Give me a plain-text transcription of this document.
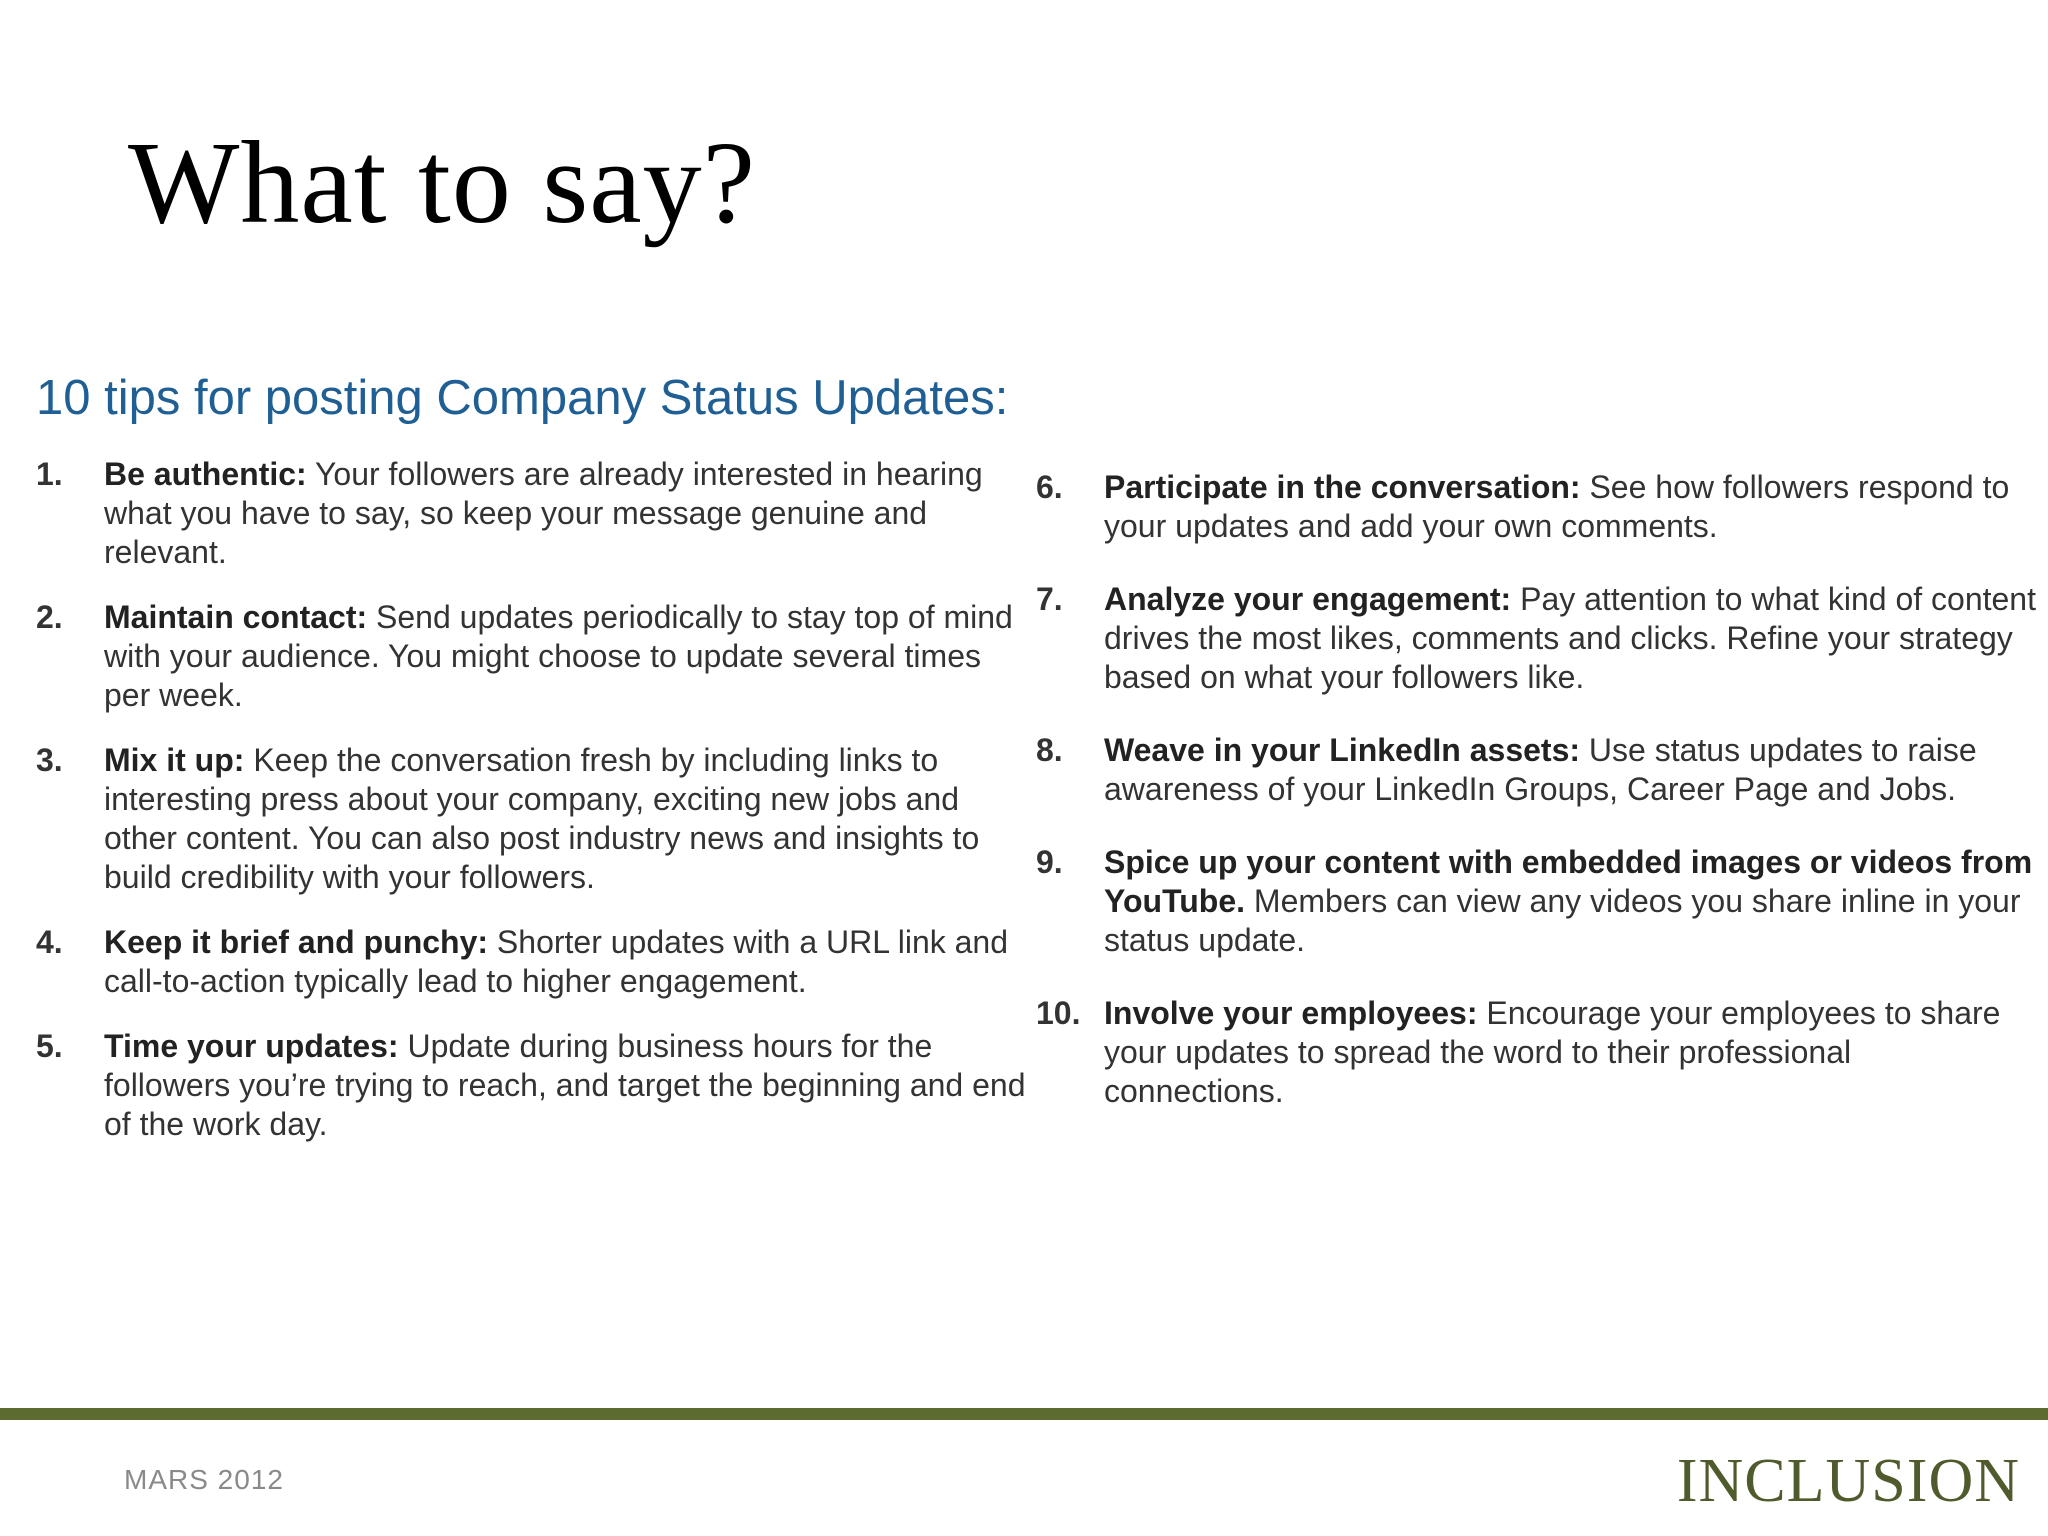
What to say?
10 tips for posting Company Status Updates:
1. Be authentic: Your followers are already interested in hearing what you have to say, so keep your message genuine and relevant.
2. Maintain contact: Send updates periodically to stay top of mind with your audience. You might choose to update several times per week.
3. Mix it up: Keep the conversation fresh by including links to interesting press about your company, exciting new jobs and other content. You can also post industry news and insights to build credibility with your followers.
4. Keep it brief and punchy: Shorter updates with a URL link and call-to-action typically lead to higher engagement.
5. Time your updates: Update during business hours for the followers you’re trying to reach, and target the beginning and end of the work day.
6. Participate in the conversation: See how followers respond to your updates and add your own comments.
7. Analyze your engagement: Pay attention to what kind of content drives the most likes, comments and clicks. Refine your strategy based on what your followers like.
8. Weave in your LinkedIn assets: Use status updates to raise awareness of your LinkedIn Groups, Career Page and Jobs.
9. Spice up your content with embedded images or videos from YouTube. Members can view any videos you share inline in your status update.
10. Involve your employees: Encourage your employees to share your updates to spread the word to their professional connections.
MARS 2012	INCLUSION
